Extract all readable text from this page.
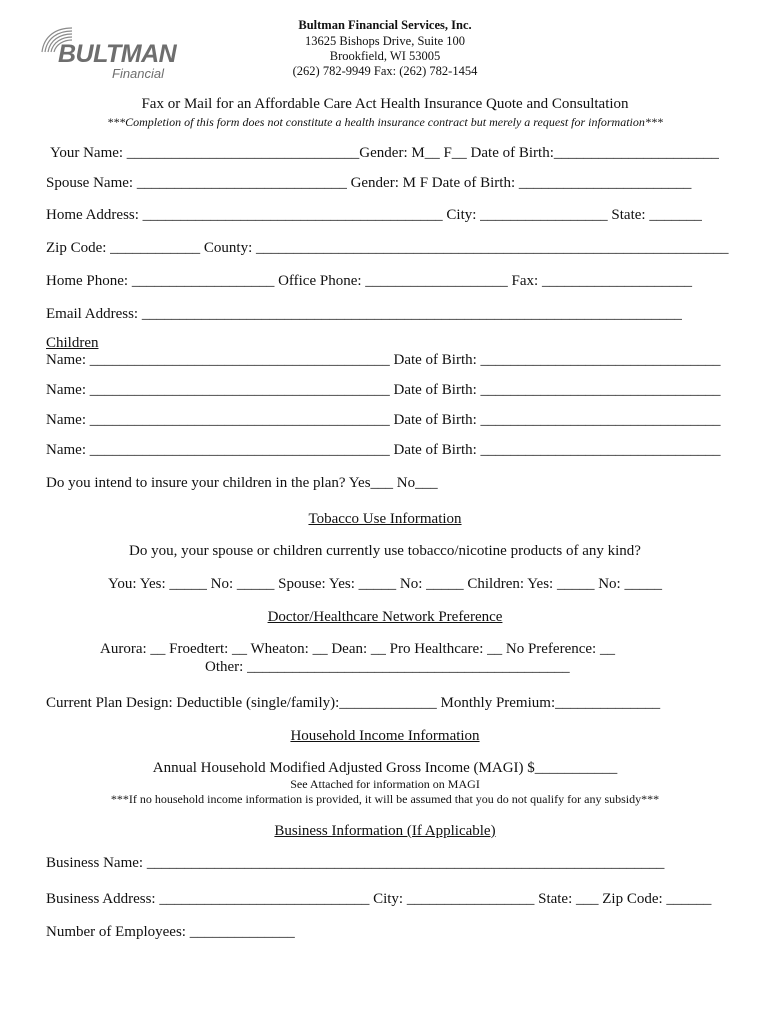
BULTMAN
Financial
Bultman Financial Services, Inc.
13625 Bishops Drive, Suite 100
Brookfield, WI 53005
(262) 782-9949 Fax: (262) 782-1454
Fax or Mail for an Affordable Care Act Health Insurance Quote and Consultation
***Completion of this form does not constitute a health insurance contract but merely a request for information***
Your Name: _______________________________Gender: M__ F__ Date of Birth:______________________
Spouse Name: ____________________________ Gender: M F Date of Birth: _______________________
Home Address: ________________________________________ City: _________________ State: _______
Zip Code: ____________ County: _______________________________________________________________
Home Phone: ___________________ Office Phone: ___________________ Fax: ____________________
Email Address: ________________________________________________________________________
Children
Name: ________________________________________ Date of Birth: ________________________________
Name: ________________________________________ Date of Birth: ________________________________
Name: ________________________________________ Date of Birth: ________________________________
Name: ________________________________________ Date of Birth: ________________________________
Do you intend to insure your children in the plan? Yes___ No___
Tobacco Use Information
Do you, your spouse or children currently use tobacco/nicotine products of any kind?
You: Yes: _____ No: _____ Spouse: Yes: _____ No: _____ Children: Yes: _____ No: _____
Doctor/Healthcare Network Preference
Aurora: __ Froedtert: __ Wheaton: __ Dean: __ Pro Healthcare: __ No Preference: __
Other: ___________________________________________
Current Plan Design: Deductible (single/family):_____________ Monthly Premium:______________
Household Income Information
Annual Household Modified Adjusted Gross Income (MAGI) $___________
See Attached for information on MAGI
***If no household income information is provided, it will be assumed that you do not qualify for any subsidy***
Business Information (If Applicable)
Business Name: _____________________________________________________________________
Business Address: ____________________________ City: _________________ State: ___ Zip Code: ______
Number of Employees: ______________
